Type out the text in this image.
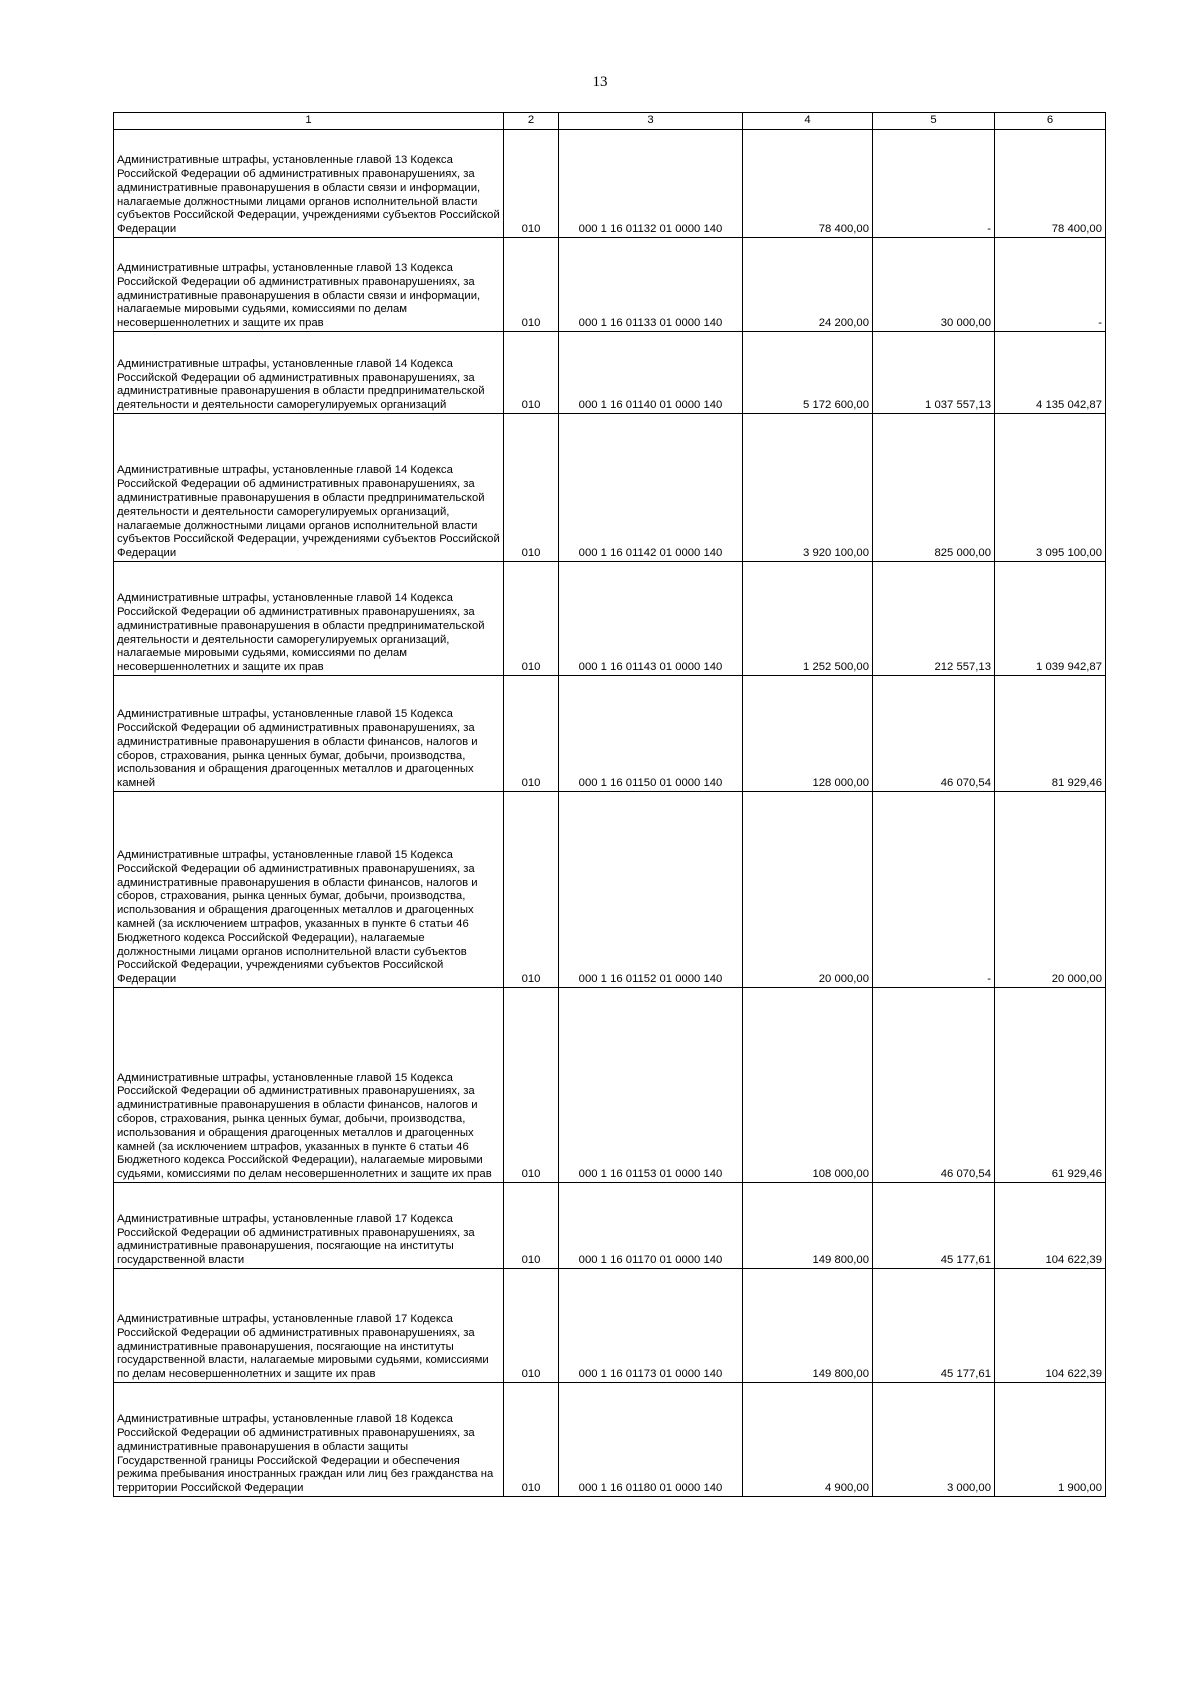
13
1	2	3	4	5	6
Административные штрафы, установленные главой 13 Кодекса Российской Федерации об административных правонарушениях, за административные правонарушения в области связи и информации, налагаемые должностными лицами органов исполнительной власти субъектов Российской Федерации, учреждениями субъектов Российской Федерации	010	000 1 16 01132 01 0000 140	78 400,00	-	78 400,00
Административные штрафы, установленные главой 13 Кодекса Российской Федерации об административных правонарушениях, за административные правонарушения в области связи и информации, налагаемые мировыми судьями, комиссиями по делам несовершеннолетних и защите их прав	010	000 1 16 01133 01 0000 140	24 200,00	30 000,00	-
Административные штрафы, установленные главой 14 Кодекса Российской Федерации об административных правонарушениях, за административные правонарушения в области предпринимательской деятельности и деятельности саморегулируемых организаций	010	000 1 16 01140 01 0000 140	5 172 600,00	1 037 557,13	4 135 042,87
Административные штрафы, установленные главой 14 Кодекса Российской Федерации об административных правонарушениях, за административные правонарушения в области предпринимательской деятельности и деятельности саморегулируемых организаций, налагаемые должностными лицами органов исполнительной власти субъектов Российской Федерации, учреждениями субъектов Российской Федерации	010	000 1 16 01142 01 0000 140	3 920 100,00	825 000,00	3 095 100,00
Административные штрафы, установленные главой 14 Кодекса Российской Федерации об административных правонарушениях, за административные правонарушения в области предпринимательской деятельности и деятельности саморегулируемых организаций, налагаемые мировыми судьями, комиссиями по делам несовершеннолетних и защите их прав	010	000 1 16 01143 01 0000 140	1 252 500,00	212 557,13	1 039 942,87
Административные штрафы, установленные главой 15 Кодекса Российской Федерации об административных правонарушениях, за административные правонарушения в области финансов, налогов и сборов, страхования, рынка ценных бумаг, добычи, производства, использования и обращения драгоценных металлов и драгоценных камней	010	000 1 16 01150 01 0000 140	128 000,00	46 070,54	81 929,46
Административные штрафы, установленные главой 15 Кодекса Российской Федерации об административных правонарушениях, за административные правонарушения в области финансов, налогов и сборов, страхования, рынка ценных бумаг, добычи, производства, использования и обращения драгоценных металлов и драгоценных камней (за исключением штрафов, указанных в пункте 6 статьи 46 Бюджетного кодекса Российской Федерации), налагаемые должностными лицами органов исполнительной власти субъектов Российской Федерации, учреждениями субъектов Российской Федерации	010	000 1 16 01152 01 0000 140	20 000,00	-	20 000,00
Административные штрафы, установленные главой 15 Кодекса Российской Федерации об административных правонарушениях, за административные правонарушения в области финансов, налогов и сборов, страхования, рынка ценных бумаг, добычи, производства, использования и обращения драгоценных металлов и драгоценных камней (за исключением штрафов, указанных в пункте 6 статьи 46 Бюджетного кодекса Российской Федерации), налагаемые мировыми судьями, комиссиями по делам несовершеннолетних и защите их прав	010	000 1 16 01153 01 0000 140	108 000,00	46 070,54	61 929,46
Административные штрафы, установленные главой 17 Кодекса Российской Федерации об административных правонарушениях, за административные правонарушения, посягающие на институты государственной власти	010	000 1 16 01170 01 0000 140	149 800,00	45 177,61	104 622,39
Административные штрафы, установленные главой 17 Кодекса Российской Федерации об административных правонарушениях, за административные правонарушения, посягающие на институты государственной власти, налагаемые мировыми судьями, комиссиями по делам несовершеннолетних и защите их прав	010	000 1 16 01173 01 0000 140	149 800,00	45 177,61	104 622,39
Административные штрафы, установленные главой 18 Кодекса Российской Федерации об административных правонарушениях, за административные правонарушения в области защиты Государственной границы Российской Федерации и обеспечения режима пребывания иностранных граждан или лиц без гражданства на территории Российской Федерации	010	000 1 16 01180 01 0000 140	4 900,00	3 000,00	1 900,00
